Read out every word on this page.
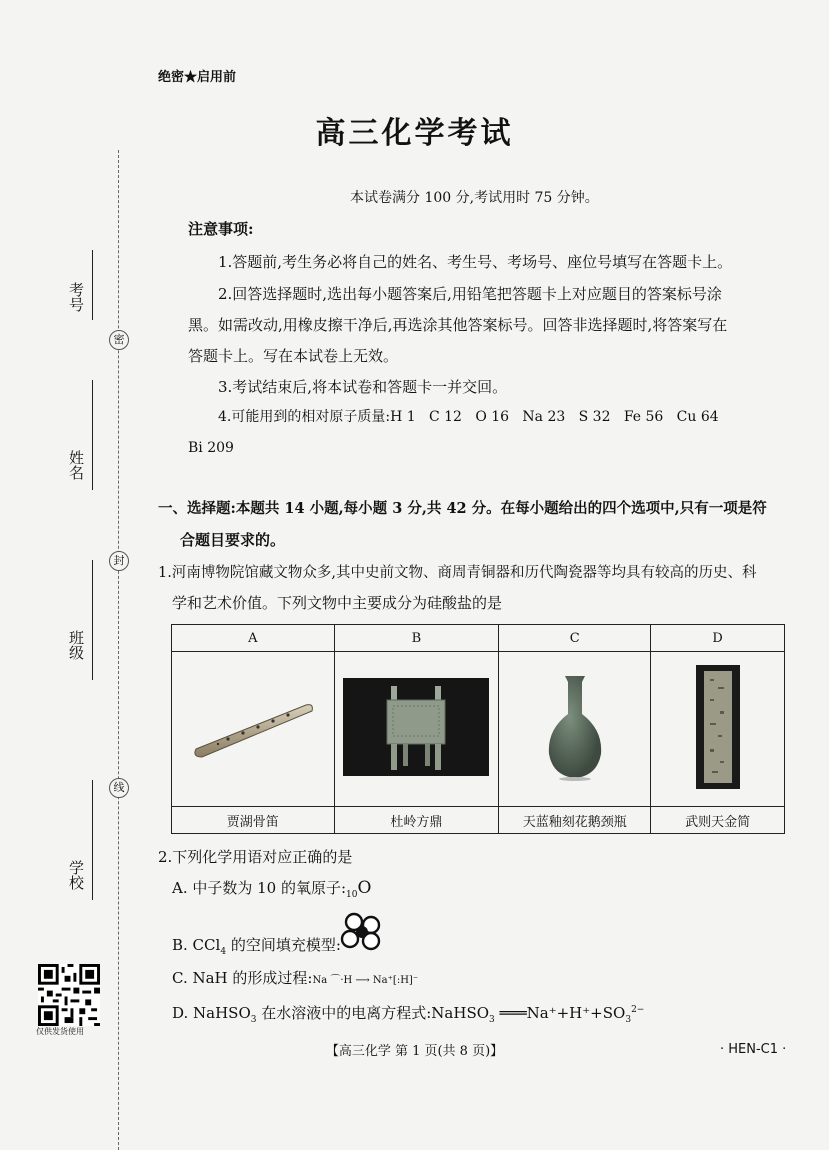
考号
姓名
班级
学校
密
封
线
仅供发货使用
绝密★启用前
高三化学考试
本试卷满分 100 分,考试用时 75 分钟。
注意事项:
1.答题前,考生务必将自己的姓名、考生号、考场号、座位号填写在答题卡上。
2.回答选择题时,选出每小题答案后,用铅笔把答题卡上对应题目的答案标号涂
黑。如需改动,用橡皮擦干净后,再选涂其他答案标号。回答非选择题时,将答案写在
答题卡上。写在本试卷上无效。
3.考试结束后,将本试卷和答题卡一并交回。
4.可能用到的相对原子质量:H 1   C 12   O 16   Na 23   S 32   Fe 56   Cu 64
Bi 209
一、选择题:本题共 14 小题,每小题 3 分,共 42 分。在每小题给出的四个选项中,只有一项是符
合题目要求的。
1.河南博物院馆藏文物众多,其中史前文物、商周青铜器和历代陶瓷器等均具有较高的历史、科
学和艺术价值。下列文物中主要成分为硅酸盐的是
A	B	C	D

贾湖骨笛	杜岭方鼎	天蓝釉刻花鹅颈瓶	武则天金简
2.下列化学用语对应正确的是
A. 中子数为 10 的氧原子$:_{10}O$
B. CCl$_4$ 的空间填充模型:
C. NaH 的形成过程:Na ⌒·H ⟶ Na⁺[:H]⁻
D. NaHSO$_3$ 在水溶液中的电离方程式:NaHSO$_3$ $═══Na^++H^++SO_3^{2-}$
【高三化学 第 1 页(共 8 页)】	· HEN-C1 ·
